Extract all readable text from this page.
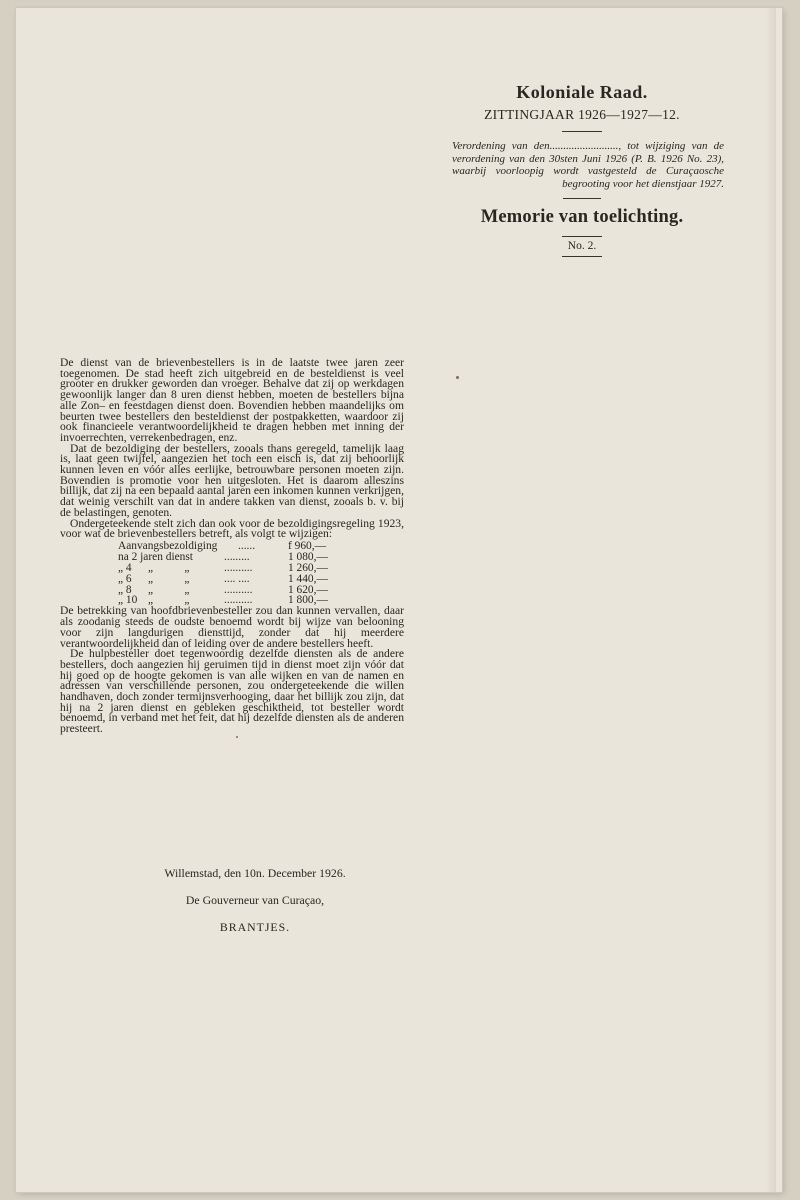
Koloniale Raad.
ZITTINGJAAR 1926—1927—12.
Verordening van den........................., tot wijziging van de verordening van den 30sten Juni 1926 (P. B. 1926 No. 23), waarbij voorloopig wordt vastgesteld de Curaçaosche begrooting voor het dienstjaar 1927.
Memorie van toelichting.
No. 2.

De dienst van de brievenbestellers is in de laatste twee jaren zeer toegenomen. De stad heeft zich uitgebreid en de besteldienst is veel grooter en drukker geworden dan vroeger. Behalve dat zij op werkdagen gewoonlijk langer dan 8 uren dienst hebben, moeten de bestellers bijna alle Zon– en feestdagen dienst doen. Bovendien hebben maandelijks om beurten twee bestellers den besteldienst der postpakketten, waardoor zij ook financieele verantwoordelijkheid te dragen hebben met inning der invoerrechten, verrekenbedragen, enz.

Dat de bezoldiging der bestellers, zooals thans geregeld, tamelijk laag is, laat geen twijfel, aangezien het toch een eisch is, dat zij behoorlijk kunnen leven en vóór alles eerlijke, betrouwbare personen moeten zijn. Bovendien is promotie voor hen uitgesloten. Het is daarom alleszins billijk, dat zij na een bepaald aantal jaren een inkomen kunnen verkrijgen, dat weinig verschilt van dat in andere takken van dienst, zooals b. v. bij de belastingen, genoten.

Ondergeteekende stelt zich dan ook voor de bezoldigingsregeling 1923, voor wat de brievenbestellers betreft, als volgt te wijzigen:

Aanvangsbezoldiging	......	f 960,—
na 2 jaren dienst	.........	1 080,—
„ 4	„           „	..........	1 260,—
„ 6	„           „	.... ....	1 440,—
„ 8	„           „	..........	1 620,—
„ 10 „           „	..........	1 800,—

De betrekking van hoofdbrievenbesteller zou dan kunnen vervallen, daar als zoodanig steeds de oudste benoemd wordt bij wijze van belooning voor zijn langdurigen diensttijd, zonder dat hij meerdere verantwoordelijkheid dan of leiding over de andere bestellers heeft.

De hulpbesteller doet tegenwoordig dezelfde diensten als de andere bestellers, doch aangezien hij geruimen tijd in dienst moet zijn vóór dat hij goed op de hoogte gekomen is van alle wijken en van de namen en adressen van verschillende personen, zou ondergeteekende die willen handhaven, doch zonder termijnsverhooging, daar het billijk zou zijn, dat hij na 2 jaren dienst en gebleken geschiktheid, tot besteller wordt benoemd, in verband met het feit, dat hij dezelfde diensten als de anderen presteert.

Willemstad, den 10n. December 1926.
De Gouverneur van Curaçao,
BRANTJES.
